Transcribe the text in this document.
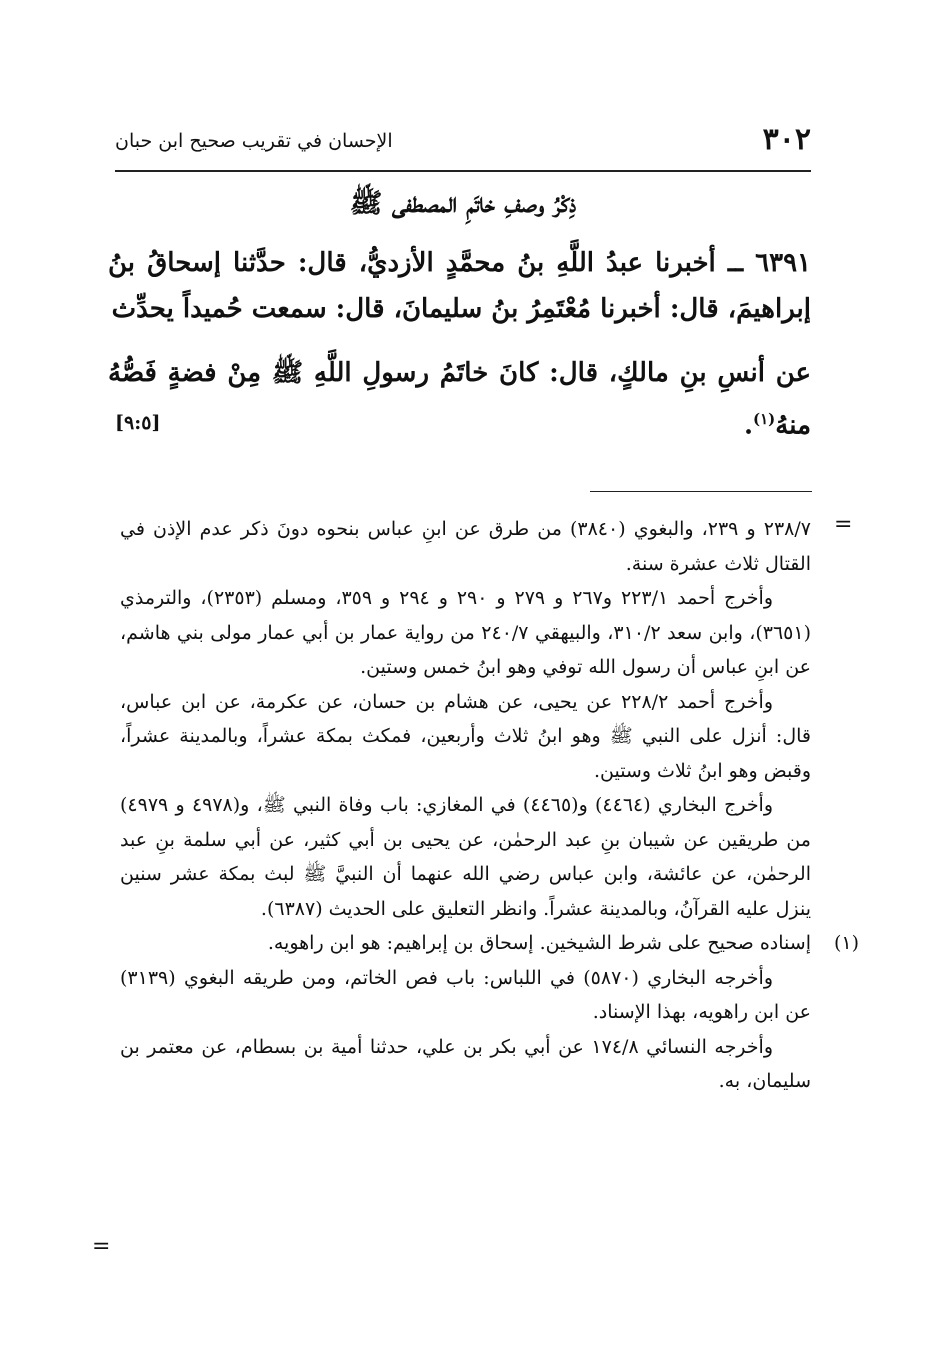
٣٠٢
الإحسان في تقريب صحيح ابن حبان
ذِكْرُ وصفِ خاتَمِ المصطفى ﷺ

٦٣٩١ ــ أخبرنا عبدُ اللَّهِ بنُ محمَّدٍ الأزديُّ، قال: حدَّثنا إسحاقُ بنُ إبراهيمَ، قال: أخبرنا مُعْتَمِرُ بنُ سليمانَ، قال: سمعت حُميداً يحدِّث

عن أنسِ بنِ مالكٍ، قال: كانَ خاتَمُ رسولِ اللَّهِ ﷺ مِنْ فضةٍ فَصُّهُ منهُ$^{(١)}$.

[٩:٥]
=

٢٣٨/٧ و ٢٣٩، والبغوي (٣٨٤٠) من طرق عن ابنِ عباس بنحوه دونَ ذكر عدم الإذن في القتال ثلاث عشرة سنة.

وأخرج أحمد ٢٢٣/١ و٢٦٧ و ٢٧٩ و ٢٩٠ و ٢٩٤ و ٣٥٩، ومسلم (٢٣٥٣)، والترمذي (٣٦٥١)، وابن سعد ٣١٠/٢، والبيهقي ٢٤٠/٧ من رواية عمار بن أبي عمار مولى بني هاشم، عن ابنِ عباس أن رسول الله توفي وهو ابنُ خمس وستين.

وأخرج أحمد ٢٢٨/٢ عن يحيى، عن هشام بن حسان، عن عكرمة، عن ابن عباس، قال: أنزل على النبي ﷺ وهو ابنُ ثلاث وأربعين، فمكث بمكة عشراً، وبالمدينة عشراً، وقبض وهو ابنُ ثلاث وستين.

وأخرج البخاري (٤٤٦٤) و(٤٤٦٥) في المغازي: باب وفاة النبي ﷺ، و(٤٩٧٨ و ٤٩٧٩) من طريقين عن شيبان بنِ عبد الرحمٰن، عن يحيى بن أبي كثير، عن أبي سلمة بنِ عبد الرحمٰن، عن عائشة، وابن عباس رضي الله عنهما أن النبيَّ ﷺ لبث بمكة عشر سنين ينزل عليه القرآنُ، وبالمدينة عشراً. وانظر التعليق على الحديث (٦٣٨٧).

(١)
إسناده صحيح على شرط الشيخين. إسحاق بن إبراهيم: هو ابن راهويه.

وأخرجه البخاري (٥٨٧٠) في اللباس: باب فص الخاتم، ومن طريقه البغوي (٣١٣٩) عن ابن راهويه، بهذا الإسناد.

وأخرجه النسائي ١٧٤/٨ عن أبي بكر بن علي، حدثنا أمية بن بسطام، عن معتمر بن سليمان، به.

=
